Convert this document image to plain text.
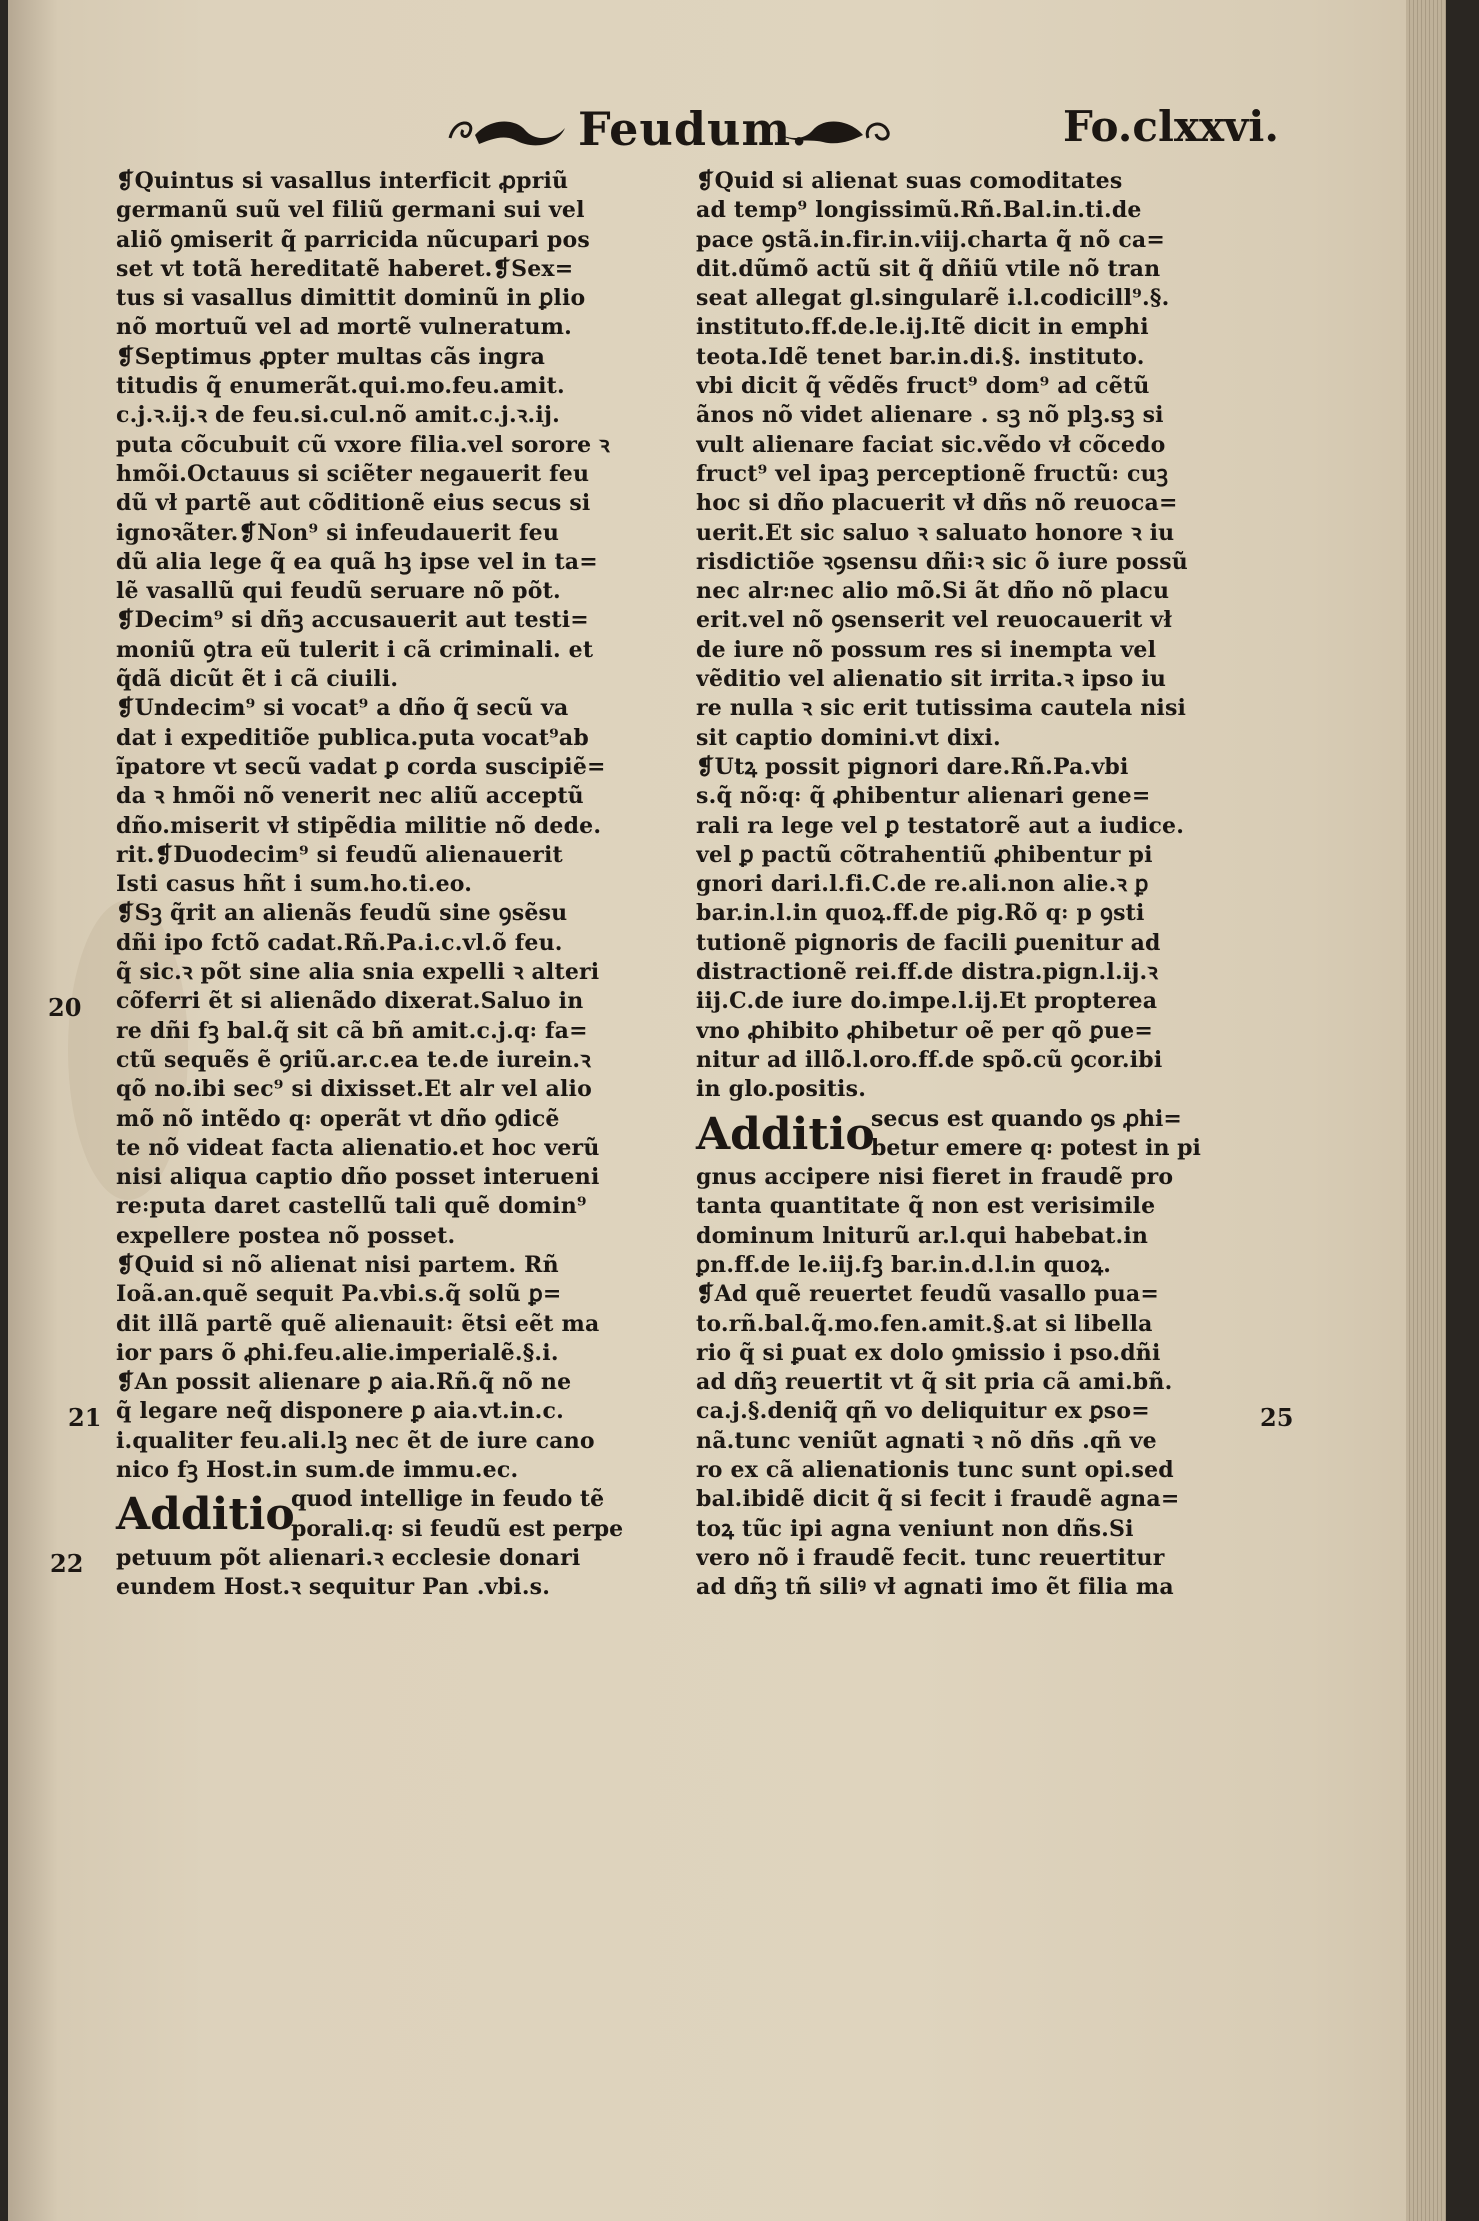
Feudum.	Fo.clxxvi.
❡Quintus si vasallus interficit ꝓpriũ
germanũ suũ vel filiũ germani sui vel
aliõ ꝯmiserit q̃ parricida nũcupari pos
set vt totã hereditatẽ haberet.❡Sex=
tus si vasallus dimittit dominũ in ꝑlio
nõ mortuũ vel ad mortẽ vulneratum.
❡Septimus ꝓpter multas cãs ingra
titudis q̃ enumerãt.qui.mo.feu.amit.
c.j.ꝛ.ij.ꝛ de feu.si.cul.nõ amit.c.j.ꝛ.ij.
puta cõcubuit cũ vxore filia.vel sorore ꝛ
hmõi.Octauus si sciẽter negauerit feu
dũ vł partẽ aut cõditionẽ eius secus si
ignoꝛãter.❡Non⁹ si infeudauerit feu
dũ alia lege q̃ ea quã hꝫ ipse vel in ta=
lẽ vasallũ qui feudũ seruare nõ põt.
❡Decim⁹ si dñꝫ accusauerit aut testi=
moniũ ꝯtra eũ tulerit i cã criminali. et
q̃dã dicũt ẽt i cã ciuili.
❡Undecim⁹ si vocat⁹ a dño q̃ secũ va
dat i expeditiõe publica.puta vocat⁹ab
ĩpatore vt secũ vadat ꝑ corda suscipiẽ=
da ꝛ hmõi nõ venerit nec aliũ acceptũ
dño.miserit vł stipẽdia militie nõ dede.
rit.❡Duodecim⁹ si feudũ alienauerit
Isti casus hñt i sum.ho.ti.eo.
❡Sꝫ q̃rit an alienãs feudũ sine ꝯsẽsu
dñi ipo fctõ cadat.Rñ.Pa.i.c.vl.õ feu.
q̃ sic.ꝛ põt sine alia snia expelli ꝛ alteri
cõferri ẽt si alienãdo dixerat.Saluo in
re dñi fꝫ bal.q̃ sit cã bñ amit.c.j.q꞉ fa=
ctũ sequẽs ẽ ꝯriũ.ar.c.ea te.de iurein.ꝛ
qõ no.ibi sec⁹ si dixisset.Et alr vel alio
mõ nõ intẽdo q꞉ operãt vt dño ꝯdicẽ
te nõ videat facta alienatio.et hoc verũ
nisi aliqua captio dño posset interueni
re꞉puta daret castellũ tali quẽ domin⁹
expellere postea nõ posset.
❡Quid si nõ alienat nisi partem. Rñ
Ioã.an.quẽ sequit Pa.vbi.s.q̃ solũ ꝑ=
dit illã partẽ quẽ alienauit꞉ ẽtsi eẽt ma
ior pars õ ꝓhi.feu.alie.imperialẽ.§.i.
❡An possit alienare ꝑ aia.Rñ.q̃ nõ ne
q̃ legare neq̃ disponere ꝑ aia.vt.in.c.
i.qualiter feu.ali.lꝫ nec ẽt de iure cano
nico fꝫ Host.in sum.de immu.ec.
Additio
quod intellige in feudo tẽ
porali.q꞉ si feudũ est perpe
petuum põt alienari.ꝛ ecclesie donari
eundem Host.ꝛ sequitur Pan .vbi.s.
❡Quid si alienat suas comoditates
ad temp⁹ longissimũ.Rñ.Bal.in.ti.de
pace ꝯstã.in.fir.in.viij.charta q̃ nõ ca=
dit.dũmõ actũ sit q̃ dñiũ vtile nõ tran
seat allegat gl.singularẽ i.l.codicill⁹.§.
instituto.ff.de.le.ij.Itẽ dicit in emphi
teota.Idẽ tenet bar.in.di.§. instituto.
vbi dicit q̃ vẽdẽs fruct⁹ dom⁹ ad cẽtũ
ãnos nõ videt alienare . sꝫ nõ plꝫ.sꝫ si
vult alienare faciat sic.vẽdo vł cõcedo
fruct⁹ vel ipaꝫ perceptionẽ fructũ꞉ cuꝫ
hoc si dño placuerit vł dñs nõ reuoca=
uerit.Et sic saluo ꝛ saluato honore ꝛ iu
risdictiõe ꝛꝯsensu dñi꞉ꝛ sic õ iure possũ
nec alr꞉nec alio mõ.Si ãt dño nõ placu
erit.vel nõ ꝯsenserit vel reuocauerit vł
de iure nõ possum res si inempta vel
vẽditio vel alienatio sit irrita.ꝛ ipso iu
re nulla ꝛ sic erit tutissima cautela nisi
sit captio domini.vt dixi.
❡Utꝝ possit pignori dare.Rñ.Pa.vbi
s.q̃ nõ꞉q꞉ q̃ ꝓhibentur alienari gene=
rali ra lege vel ꝑ testatorẽ aut a iudice.
vel ꝑ pactũ cõtrahentiũ ꝓhibentur pi
gnori dari.l.fi.C.de re.ali.non alie.ꝛ ꝑ
bar.in.l.in quoꝝ.ff.de pig.Rõ q꞉ p ꝯsti
tutionẽ pignoris de facili ꝑuenitur ad
distractionẽ rei.ff.de distra.pign.l.ij.ꝛ
iij.C.de iure do.impe.l.ij.Et propterea
vno ꝓhibito ꝓhibetur oẽ per qõ ꝑue=
nitur ad illõ.l.oro.ff.de spõ.cũ ꝯcor.ibi
in glo.positis.
Additio
secus est quando ꝯs ꝓhi=
betur emere q꞉ potest in pi
gnus accipere nisi fieret in fraudẽ pro
tanta quantitate q̃ non est verisimile
dominum lniturũ ar.l.qui habebat.in
ꝑn.ff.de le.iij.fꝫ bar.in.d.l.in quoꝝ.
❡Ad quẽ reuertet feudũ vasallo pua=
to.rñ.bal.q̃.mo.fen.amit.§.at si libella
rio q̃ si ꝑuat ex dolo ꝯmissio i pso.dñi
ad dñꝫ reuertit vt q̃ sit pria cã ami.bñ.
ca.j.§.deniq̃ qñ vo deliquitur ex ꝑso=
nã.tunc veniũt agnati ꝛ nõ dñs .qñ ve
ro ex cã alienationis tunc sunt opi.sed
bal.ibidẽ dicit q̃ si fecit i fraudẽ agna=
toꝝ tũc ipi agna veniunt non dñs.Si
vero nõ i fraudẽ fecit. tunc reuertitur
ad dñꝫ tñ siliꝰ vł agnati imo ẽt filia ma
20
21
22
25
